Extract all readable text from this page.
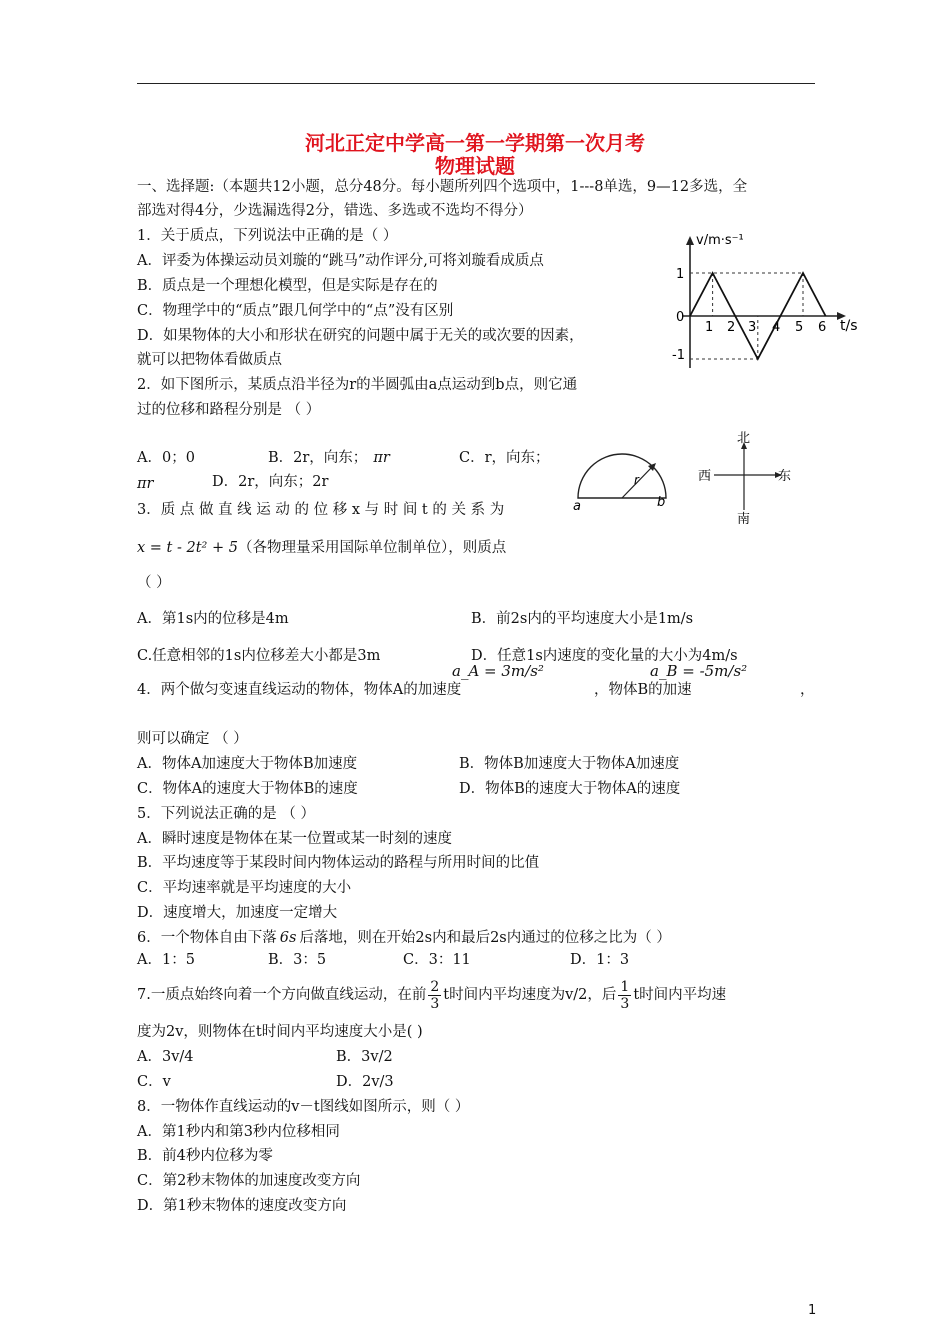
河北正定中学高一第一学期第一次月考
物理试题
一、选择题:（本题共12小题，总分48分。每小题所列四个选项中，1---8单选，9—12多选，全
部选对得4分，少选漏选得2分，错选、多选或不选均不得分）
1．关于质点，下列说法中正确的是（ ）
A．评委为体操运动员刘璇的“跳马”动作评分,可将刘璇看成质点
B．质点是一个理想化模型，但是实际是存在的
C．物理学中的“质点”跟几何学中的“点”没有区别
D．如果物体的大小和形状在研究的问题中属于无关的或次要的因素，
就可以把物体看做质点
v/m·s⁻¹
t/s
1
0
-1
1 2 3 4 5 6
2．如下图所示，某质点沿半径为r的半圆弧由a点运动到b点，则它通
过的位移和路程分别是 （ ）
A．0；0	B．2r，向东； πr	C．r，向东；
πr	D．2r，向东；2r
a	b
r
北
南
东
西
3．质 点 做 直 线 运 动 的 位 移 x 与 时 间 t 的 关 系 为
x = t - 2t² + 5（各物理量采用国际单位制单位），则质点
（ ）
A．第1s内的位移是4m	B．前2s内的平均速度大小是1m/s
C.任意相邻的1s内位移差大小都是3m	D．任意1s内速度的变化量的大小为4m/s
a_A = 3m/s²	a_B = -5m/s²
4．两个做匀变速直线运动的物体，物体A的加速度	，物体B的加速	，
则可以确定 （ ）
A．物体A加速度大于物体B加速度	B．物体B加速度大于物体A加速度
C．物体A的速度大于物体B的速度	D．物体B的速度大于物体A的速度
5．下列说法正确的是 （ ）
A．瞬时速度是物体在某一位置或某一时刻的速度
B．平均速度等于某段时间内物体运动的路程与所用时间的比值
C．平均速率就是平均速度的大小
D．速度增大，加速度一定增大
6．一个物体自由下落 6s 后落地，则在开始2s内和最后2s内通过的位移之比为（ ）
A．1：5	B．3：5	C．3：11	D．1：3
7.一质点始终向着一个方向做直线运动，在前 $\frac{2}{3}$ t时间内平均速度为v/2，后 $\frac{1}{3}$ t时间内平均速
度为2v，则物体在t时间内平均速度大小是( )
A．3v/4	B．3v/2
C．v	D．2v/3
8．一物体作直线运动的v－t图线如图所示，则（ ）
A．第1秒内和第3秒内位移相同
B．前4秒内位移为零
C．第2秒末物体的加速度改变方向
D．第1秒末物体的速度改变方向
1
